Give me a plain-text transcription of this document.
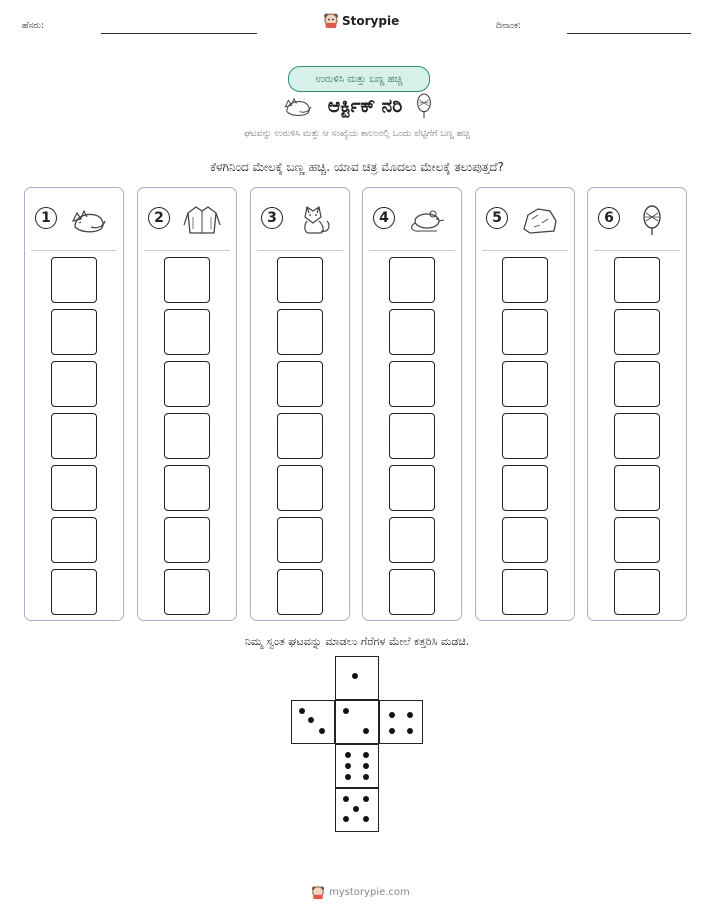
ಹೆಸರು:	Storypie	ದಿನಾಂಕ:
ಉರುಳಿಸಿ ಮತ್ತು ಬಣ್ಣ ಹಚ್ಚಿ
ಆರ್ಕ್ಟಿಕ್ ನರಿ
ಘಟವನ್ನು ಉರುಳಿಸಿ ಮತ್ತು ಆ ಸಂಖ್ಯೆಯ ಕಾಲಂನಲ್ಲಿ ಒಂದು ಪೆಟ್ಟಿಗೆಗೆ ಬಣ್ಣ ಹಚ್ಚಿ
ಕೆಳಗಿನಿಂದ ಮೇಲಕ್ಕೆ ಬಣ್ಣ ಹಚ್ಚಿ. ಯಾವ ಚಿತ್ರ ಮೊದಲು ಮೇಲಕ್ಕೆ ತಲುಪುತ್ತದೆ?
1	2	3	4	5	6
ನಿಮ್ಮ ಸ್ವಂತ ಘಟವನ್ನು ಮಾಡಲು ಗೆರೆಗಳ ಮೇಲೆ ಕತ್ತರಿಸಿ ಮಡಚಿ.
mystorypie.com
